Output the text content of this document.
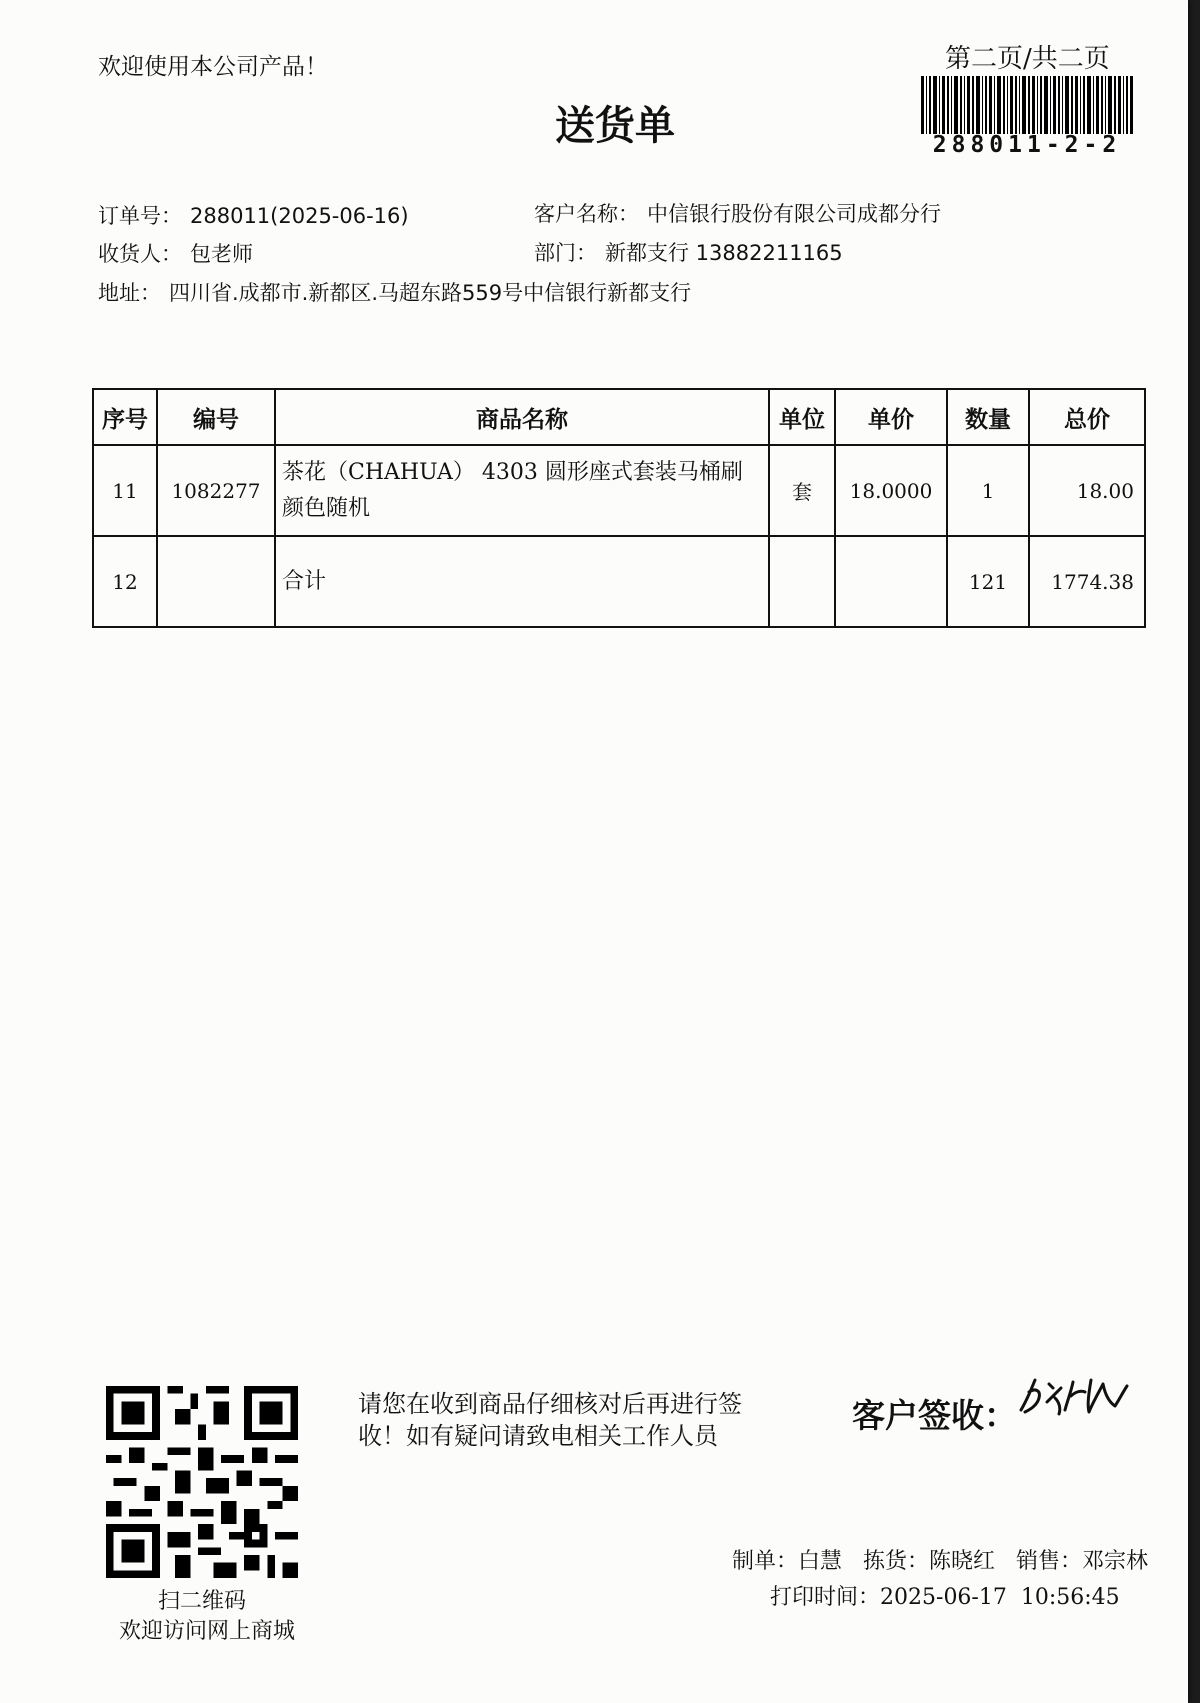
欢迎使用本公司产品！	第二页/共二页
288011-2-2
送货单
订单号： 288011(2025-06-16)	客户名称： 中信银行股份有限公司成都分行
收货人： 包老师	部门： 新都支行 13882211165
地址： 四川省.成都市.新都区.马超东路559号中信银行新都支行
序号	编号	商品名称	单位	单价	数量	总价
11	1082277	茶花（CHAHUA） 4303 圆形座式套装马桶刷 颜色随机	套	18.0000	1	18.00
12		合计			121	1774.38
扫二维码
欢迎访问网上商城
请您在收到商品仔细核对后再进行签收！如有疑问请致电相关工作人员
客户签收：
制单：白慧 拣货：陈晓红 销售：邓宗林
打印时间：2025-06-17  10:56:45
